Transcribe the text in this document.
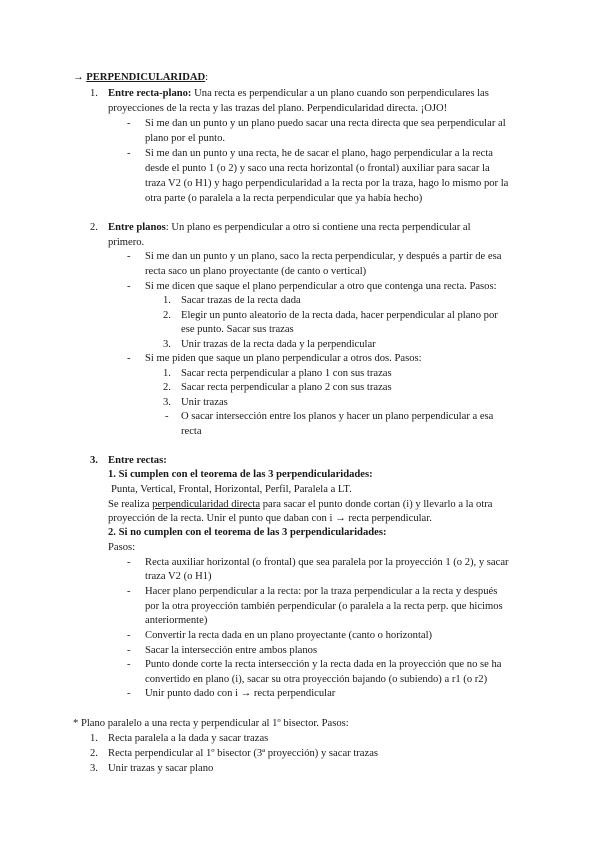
→ PERPENDICULARIDAD:
1. Entre recta-plano: Una recta es perpendicular a un plano cuando son perpendiculares las
proyecciones de la recta y las trazas del plano. Perpendicularidad directa. ¡OJO!
- Si me dan un punto y un plano puedo sacar una recta directa que sea perpendicular al
plano por el punto.
- Si me dan un punto y una recta, he de sacar el plano, hago perpendicular a la recta
desde el punto 1 (o 2) y saco una recta horizontal (o frontal) auxiliar para sacar la
traza V2 (o H1) y hago perpendicularidad a la recta por la traza, hago lo mismo por la
otra parte (o paralela a la recta perpendicular que ya había hecho)
2. Entre planos: Un plano es perpendicular a otro si contiene una recta perpendicular al
primero.
- Si me dan un punto y un plano, saco la recta perpendicular, y después a partir de esa
recta saco un plano proyectante (de canto o vertical)
- Si me dicen que saque el plano perpendicular a otro que contenga una recta. Pasos:
1. Sacar trazas de la recta dada
2. Elegir un punto aleatorio de la recta dada, hacer perpendicular al plano por
ese punto. Sacar sus trazas
3. Unir trazas de la recta dada y la perpendicular
- Si me piden que saque un plano perpendicular a otros dos. Pasos:
1. Sacar recta perpendicular a plano 1 con sus trazas
2. Sacar recta perpendicular a plano 2 con sus trazas
3. Unir trazas
- O sacar intersección entre los planos y hacer un plano perpendicular a esa
recta
3. Entre rectas:
1. Si cumplen con el teorema de las 3 perpendicularidades:
Punta, Vertical, Frontal, Horizontal, Perfil, Paralela a LT.
Se realiza perpendicularidad directa para sacar el punto donde cortan (i) y llevarlo a la otra
proyección de la recta. Unir el punto que daban con i → recta perpendicular.
2. Si no cumplen con el teorema de las 3 perpendicularidades:
Pasos:
- Recta auxiliar horizontal (o frontal) que sea paralela por la proyección 1 (o 2), y sacar
traza V2 (o H1)
- Hacer plano perpendicular a la recta: por la traza perpendicular a la recta y después
por la otra proyección también perpendicular (o paralela a la recta perp. que hicimos
anteriormente)
- Convertir la recta dada en un plano proyectante (canto o horizontal)
- Sacar la intersección entre ambos planos
- Punto donde corte la recta intersección y la recta dada en la proyección que no se ha
convertido en plano (i), sacar su otra proyección bajando (o subiendo) a r1 (o r2)
- Unir punto dado con i → recta perpendicular
* Plano paralelo a una recta y perpendicular al 1º bisector. Pasos:
1. Recta paralela a la dada y sacar trazas
2. Recta perpendicular al 1º bisector (3ª proyección) y sacar trazas
3. Unir trazas y sacar plano
